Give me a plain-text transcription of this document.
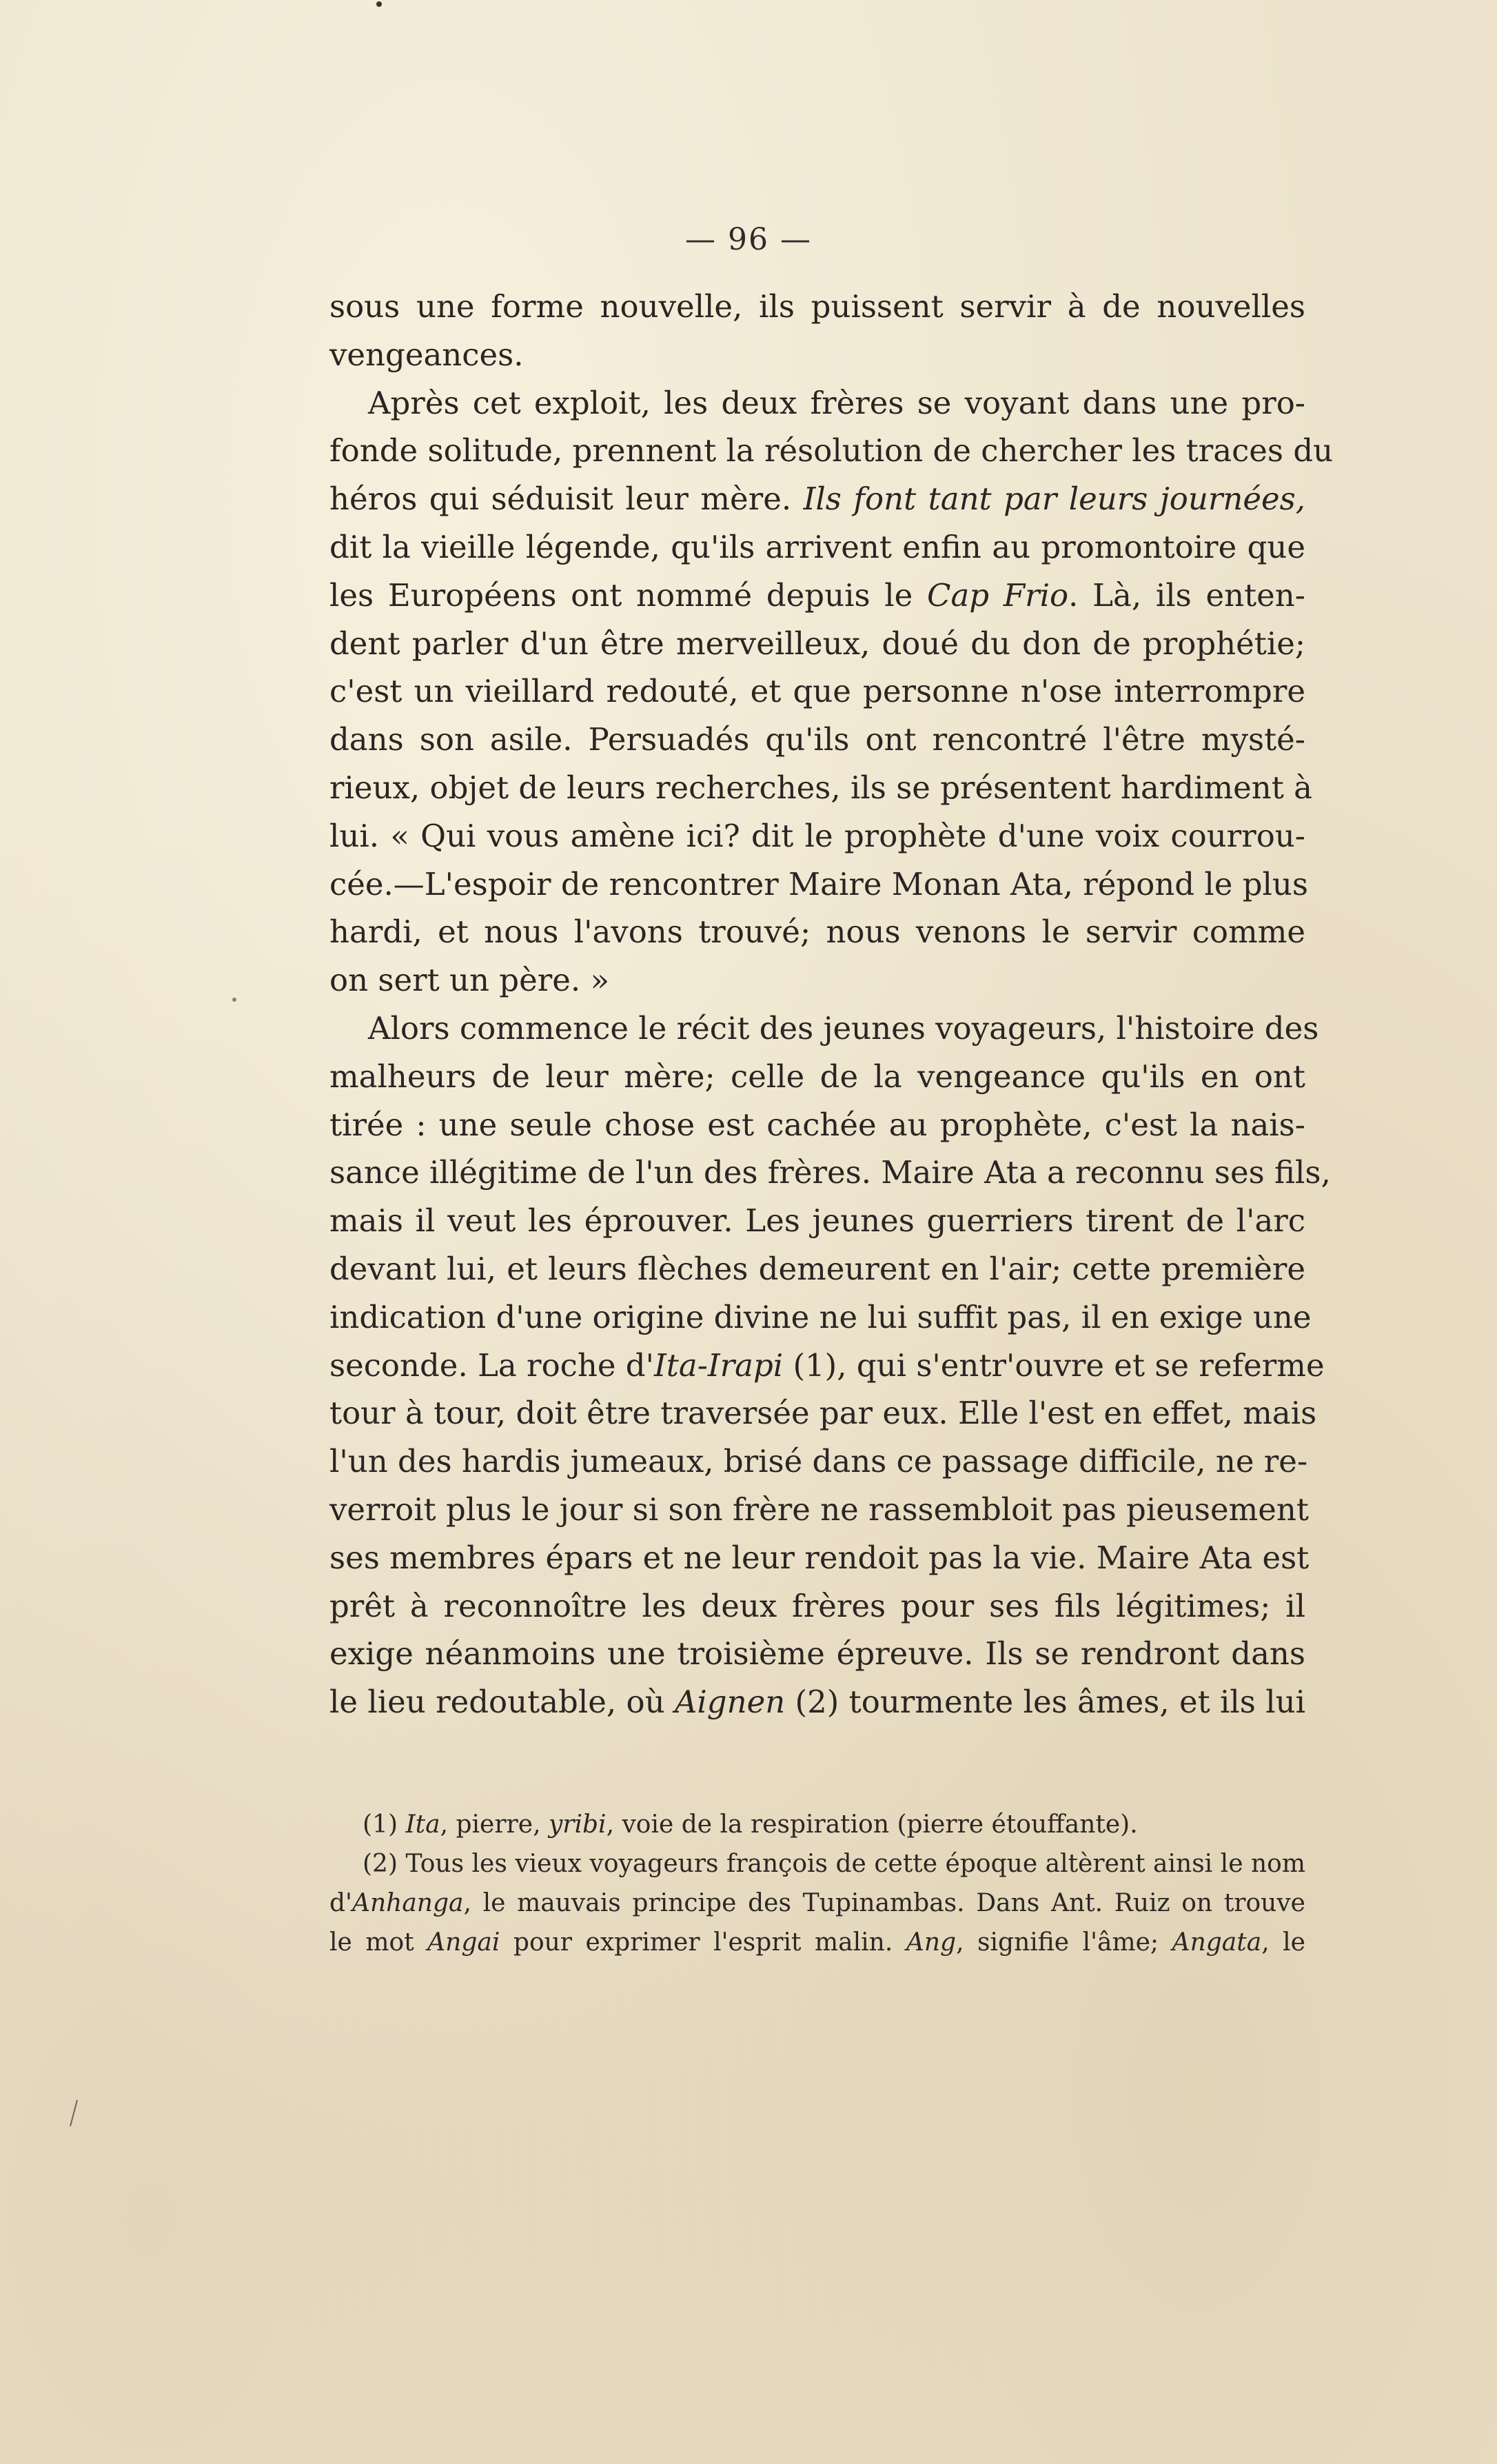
— 96 —
sous une forme nouvelle, ils puissent servir à de nouvelles
vengeances.
Après cet exploit, les deux frères se voyant dans une pro-
fonde solitude, prennent la résolution de chercher les traces du
héros qui séduisit leur mère. Ils font tant par leurs journées,
dit la vieille légende, qu'ils arrivent enfin au promontoire que
les Européens ont nommé depuis le Cap Frio. Là, ils enten-
dent parler d'un être merveilleux, doué du don de prophétie;
c'est un vieillard redouté, et que personne n'ose interrompre
dans son asile. Persuadés qu'ils ont rencontré l'être mysté-
rieux, objet de leurs recherches, ils se présentent hardiment à
lui. « Qui vous amène ici? dit le prophète d'une voix courrou-
cée.—L'espoir de rencontrer Maire Monan Ata, répond le plus
hardi, et nous l'avons trouvé; nous venons le servir comme
on sert un père. »
Alors commence le récit des jeunes voyageurs, l'histoire des
malheurs de leur mère; celle de la vengeance qu'ils en ont
tirée : une seule chose est cachée au prophète, c'est la nais-
sance illégitime de l'un des frères. Maire Ata a reconnu ses fils,
mais il veut les éprouver. Les jeunes guerriers tirent de l'arc
devant lui, et leurs flèches demeurent en l'air; cette première
indication d'une origine divine ne lui suffit pas, il en exige une
seconde. La roche d'Ita-Irapi (1), qui s'entr'ouvre et se referme
tour à tour, doit être traversée par eux. Elle l'est en effet, mais
l'un des hardis jumeaux, brisé dans ce passage difficile, ne re-
verroit plus le jour si son frère ne rassembloit pas pieusement
ses membres épars et ne leur rendoit pas la vie. Maire Ata est
prêt à reconnoître les deux frères pour ses fils légitimes; il
exige néanmoins une troisième épreuve. Ils se rendront dans
le lieu redoutable, où Aignen (2) tourmente les âmes, et ils lui
(1) Ita, pierre, yribi, voie de la respiration (pierre étouffante).
(2) Tous les vieux voyageurs françois de cette époque altèrent ainsi le nom
d'Anhanga, le mauvais principe des Tupinambas. Dans Ant. Ruiz on trouve
le mot Angai pour exprimer l'esprit malin. Ang, signifie l'âme; Angata, le
